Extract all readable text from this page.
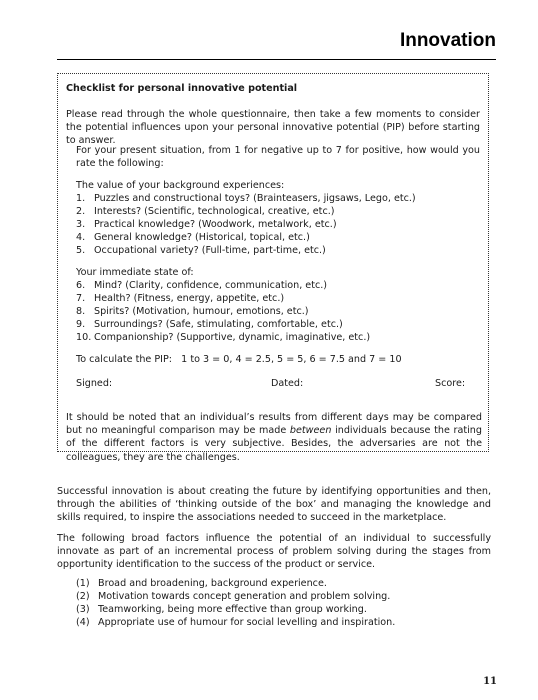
Innovation
Checklist for personal innovative potential
Please read through the whole questionnaire, then take a few moments to consider the potential influences upon your personal innovative potential (PIP) before starting to answer.
For your present situation, from 1 for negative up to 7 for positive, how would you rate the following:
The value of your background experiences:
1. Puzzles and constructional toys? (Brainteasers, jigsaws, Lego, etc.)
2. Interests? (Scientific, technological, creative, etc.)
3. Practical knowledge? (Woodwork, metalwork, etc.)
4. General knowledge? (Historical, topical, etc.)
5. Occupational variety? (Full-time, part-time, etc.)
Your immediate state of:
6. Mind? (Clarity, confidence, communication, etc.)
7. Health? (Fitness, energy, appetite, etc.)
8. Spirits? (Motivation, humour, emotions, etc.)
9. Surroundings? (Safe, stimulating, comfortable, etc.)
10. Companionship? (Supportive, dynamic, imaginative, etc.)
To calculate the PIP: 1 to 3 = 0, 4 = 2.5, 5 = 5, 6 = 7.5 and 7 = 10
Signed:	Dated:	Score:
It should be noted that an individual’s results from different days may be compared but no meaningful comparison may be made between individuals because the rating of the different factors is very subjective. Besides, the adversaries are not the colleagues, they are the challenges.
Successful innovation is about creating the future by identifying opportunities and then, through the abilities of ‘thinking outside of the box’ and managing the knowledge and skills required, to inspire the associations needed to succeed in the marketplace.
The following broad factors influence the potential of an individual to successfully innovate as part of an incremental process of problem solving during the stages from opportunity identification to the success of the product or service.
(1) Broad and broadening, background experience.
(2) Motivation towards concept generation and problem solving.
(3) Teamworking, being more effective than group working.
(4) Appropriate use of humour for social levelling and inspiration.
11
